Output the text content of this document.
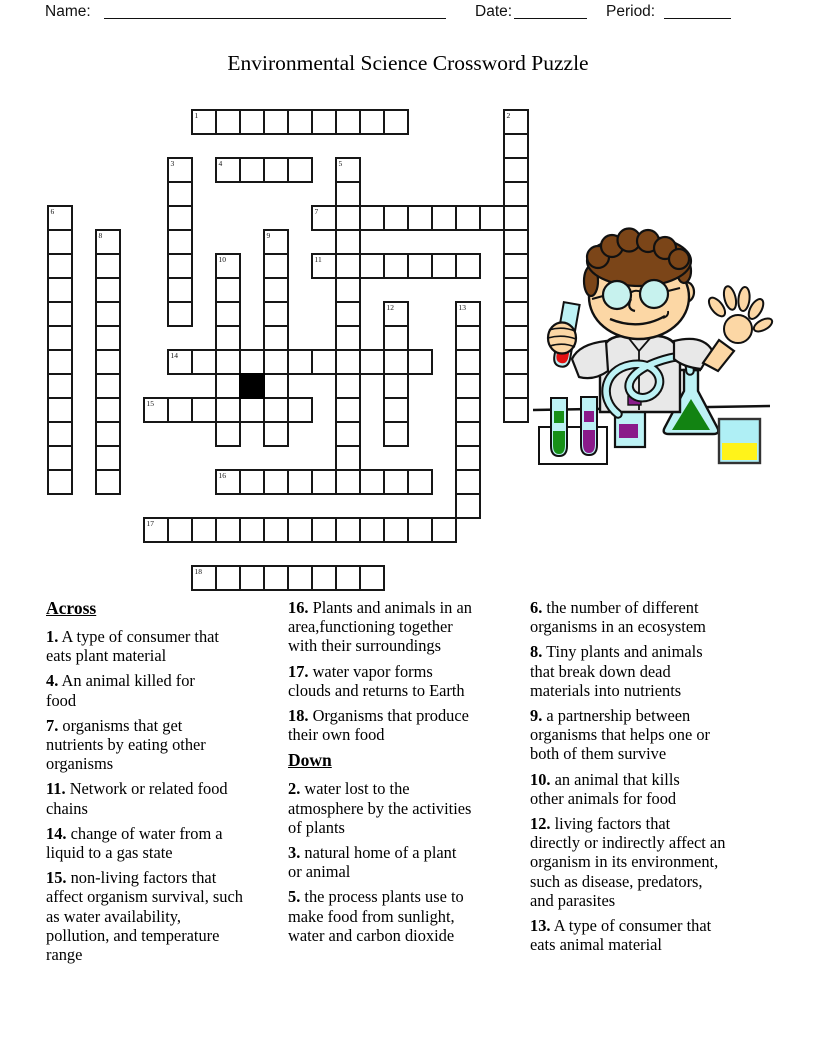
Name:	Date:	Period:
Environmental Science Crossword Puzzle
1	2
3	4	5
6	7
8	9
10	11
12	13
14
15
16
17
18
Across
1. A type of consumer that
eats plant material
4. An animal killed for
food
7. organisms that get
nutrients by eating other
organisms
11. Network or related food
chains
14. change of water from a
liquid to a gas state
15. non-living factors that
affect organism survival, such
as water availability,
pollution, and temperature
range
16. Plants and animals in an
area,functioning together
with their surroundings
17. water vapor forms
clouds and returns to Earth
18. Organisms that produce
their own food
Down
2. water lost to the
atmosphere by the activities
of plants
3. natural home of a plant
or animal
5. the process plants use to
make food from sunlight,
water and carbon dioxide
6. the number of different
organisms in an ecosystem
8. Tiny plants and animals
that break down dead
materials into nutrients
9. a partnership between
organisms that helps one or
both of them survive
10. an animal that kills
other animals for food
12. living factors that
directly or indirectly affect an
organism in its environment,
such as disease, predators,
and parasites
13. A type of consumer that
eats animal material
